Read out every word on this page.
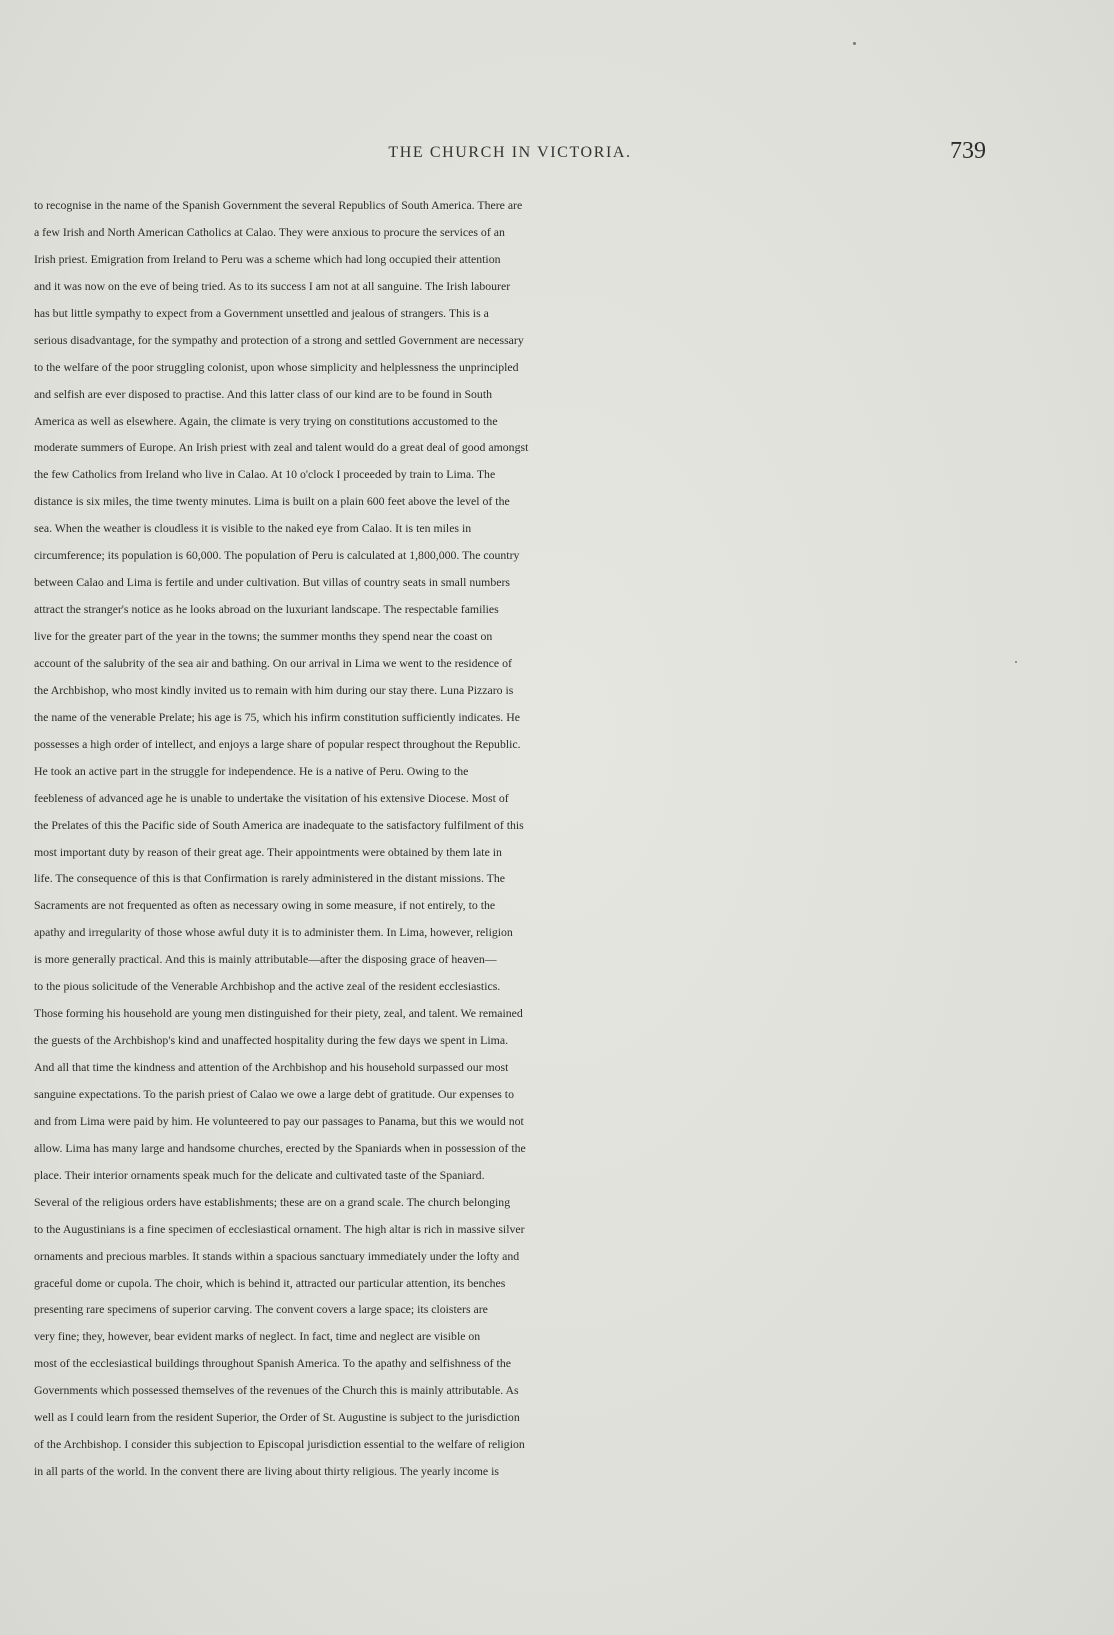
THE CHURCH IN VICTORIA.	739
to recognise in the name of the Spanish Government the several Republics of South America. There are
a few Irish and North American Catholics at Calao. They were anxious to procure the services of an
Irish priest. Emigration from Ireland to Peru was a scheme which had long occupied their attention
and it was now on the eve of being tried. As to its success I am not at all sanguine. The Irish labourer
has but little sympathy to expect from a Government unsettled and jealous of strangers. This is a
serious disadvantage, for the sympathy and protection of a strong and settled Government are necessary
to the welfare of the poor struggling colonist, upon whose simplicity and helplessness the unprincipled
and selfish are ever disposed to practise. And this latter class of our kind are to be found in South
America as well as elsewhere. Again, the climate is very trying on constitutions accustomed to the
moderate summers of Europe. An Irish priest with zeal and talent would do a great deal of good amongst
the few Catholics from Ireland who live in Calao. At 10 o'clock I proceeded by train to Lima. The
distance is six miles, the time twenty minutes. Lima is built on a plain 600 feet above the level of the
sea. When the weather is cloudless it is visible to the naked eye from Calao. It is ten miles in
circumference; its population is 60,000. The population of Peru is calculated at 1,800,000. The country
between Calao and Lima is fertile and under cultivation. But villas of country seats in small numbers
attract the stranger's notice as he looks abroad on the luxuriant landscape. The respectable families
live for the greater part of the year in the towns; the summer months they spend near the coast on
account of the salubrity of the sea air and bathing. On our arrival in Lima we went to the residence of
the Archbishop, who most kindly invited us to remain with him during our stay there. Luna Pizzaro is
the name of the venerable Prelate; his age is 75, which his infirm constitution sufficiently indicates. He
possesses a high order of intellect, and enjoys a large share of popular respect throughout the Republic.
He took an active part in the struggle for independence. He is a native of Peru. Owing to the
feebleness of advanced age he is unable to undertake the visitation of his extensive Diocese. Most of
the Prelates of this the Pacific side of South America are inadequate to the satisfactory fulfilment of this
most important duty by reason of their great age. Their appointments were obtained by them late in
life. The consequence of this is that Confirmation is rarely administered in the distant missions. The
Sacraments are not frequented as often as necessary owing in some measure, if not entirely, to the
apathy and irregularity of those whose awful duty it is to administer them. In Lima, however, religion
is more generally practical. And this is mainly attributable—after the disposing grace of heaven—
to the pious solicitude of the Venerable Archbishop and the active zeal of the resident ecclesiastics.
Those forming his household are young men distinguished for their piety, zeal, and talent. We remained
the guests of the Archbishop's kind and unaffected hospitality during the few days we spent in Lima.
And all that time the kindness and attention of the Archbishop and his household surpassed our most
sanguine expectations. To the parish priest of Calao we owe a large debt of gratitude. Our expenses to
and from Lima were paid by him. He volunteered to pay our passages to Panama, but this we would not
allow. Lima has many large and handsome churches, erected by the Spaniards when in possession of the
place. Their interior ornaments speak much for the delicate and cultivated taste of the Spaniard.
Several of the religious orders have establishments; these are on a grand scale. The church belonging
to the Augustinians is a fine specimen of ecclesiastical ornament. The high altar is rich in massive silver
ornaments and precious marbles. It stands within a spacious sanctuary immediately under the lofty and
graceful dome or cupola. The choir, which is behind it, attracted our particular attention, its benches
presenting rare specimens of superior carving. The convent covers a large space; its cloisters are
very fine; they, however, bear evident marks of neglect. In fact, time and neglect are visible on
most of the ecclesiastical buildings throughout Spanish America. To the apathy and selfishness of the
Governments which possessed themselves of the revenues of the Church this is mainly attributable. As
well as I could learn from the resident Superior, the Order of St. Augustine is subject to the jurisdiction
of the Archbishop. I consider this subjection to Episcopal jurisdiction essential to the welfare of religion
in all parts of the world. In the convent there are living about thirty religious. The yearly income is
